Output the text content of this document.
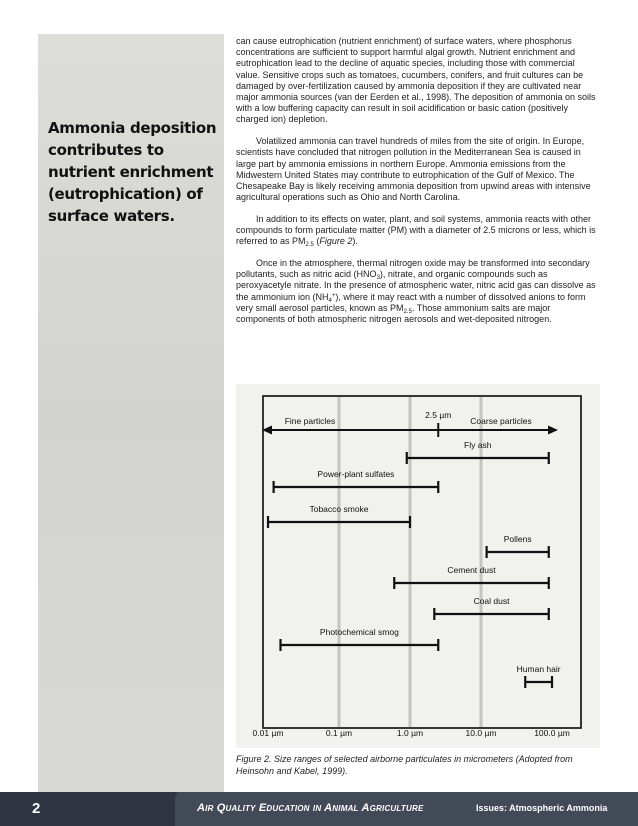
Ammonia deposition contributes to nutrient enrichment (eutrophication) of surface waters.

can cause eutrophication (nutrient enrichment) of surface waters, where phosphorus concentrations are sufficient to support harmful algal growth. Nutrient enrichment and eutrophication lead to the decline of aquatic species, including those with commercial value. Sensitive crops such as tomatoes, cucumbers, conifers, and fruit cultures can be damaged by over-fertilization caused by ammonia deposition if they are cultivated near major ammonia sources (van der Eerden et al., 1998). The deposition of ammonia on soils with a low buffering capacity can result in soil acidification or basic cation (positively charged ion) depletion.

Volatilized ammonia can travel hundreds of miles from the site of origin. In Europe, scientists have concluded that nitrogen pollution in the Mediterranean Sea is caused in large part by ammonia emissions in northern Europe. Ammonia emissions from the Midwestern United States may contribute to eutrophication of the Gulf of Mexico. The Chesapeake Bay is likely receiving ammonia deposition from upwind areas with intensive agricultural operations such as Ohio and North Carolina.

In addition to its effects on water, plant, and soil systems, ammonia reacts with other compounds to form particulate matter (PM) with a diameter of 2.5 microns or less, which is referred to as $PM_{2.5}$ (Figure 2).

Once in the atmosphere, thermal nitrogen oxide may be transformed into secondary pollutants, such as nitric acid $(HNO_3)$, nitrate, and organic compounds such as peroxyacetyle nitrate. In the presence of atmospheric water, nitric acid gas can dissolve as the ammonium ion $(NH_4^+)$, where it may react with a number of dissolved anions to form very small aerosol particles, known as $PM_{2.5}$. Those ammonium salts are major components of both atmospheric nitrogen aerosols and wet-deposited nitrogen.

0.01 µm	0.1 µm	1.0 µm	10.0 µm	100.0 µm
2.5 µm
Fine particles	Coarse particles
Fly ash
Power-plant sulfates
Tobacco smoke
Pollens
Cement dust
Coal dust
Photochemical smog
Human hair

Figure 2. Size ranges of selected airborne particulates in micrometers (Adopted from Heinsohn and Kabel, 1999).

2	Air Quality Education in Animal Agriculture	Issues: Atmospheric Ammonia
